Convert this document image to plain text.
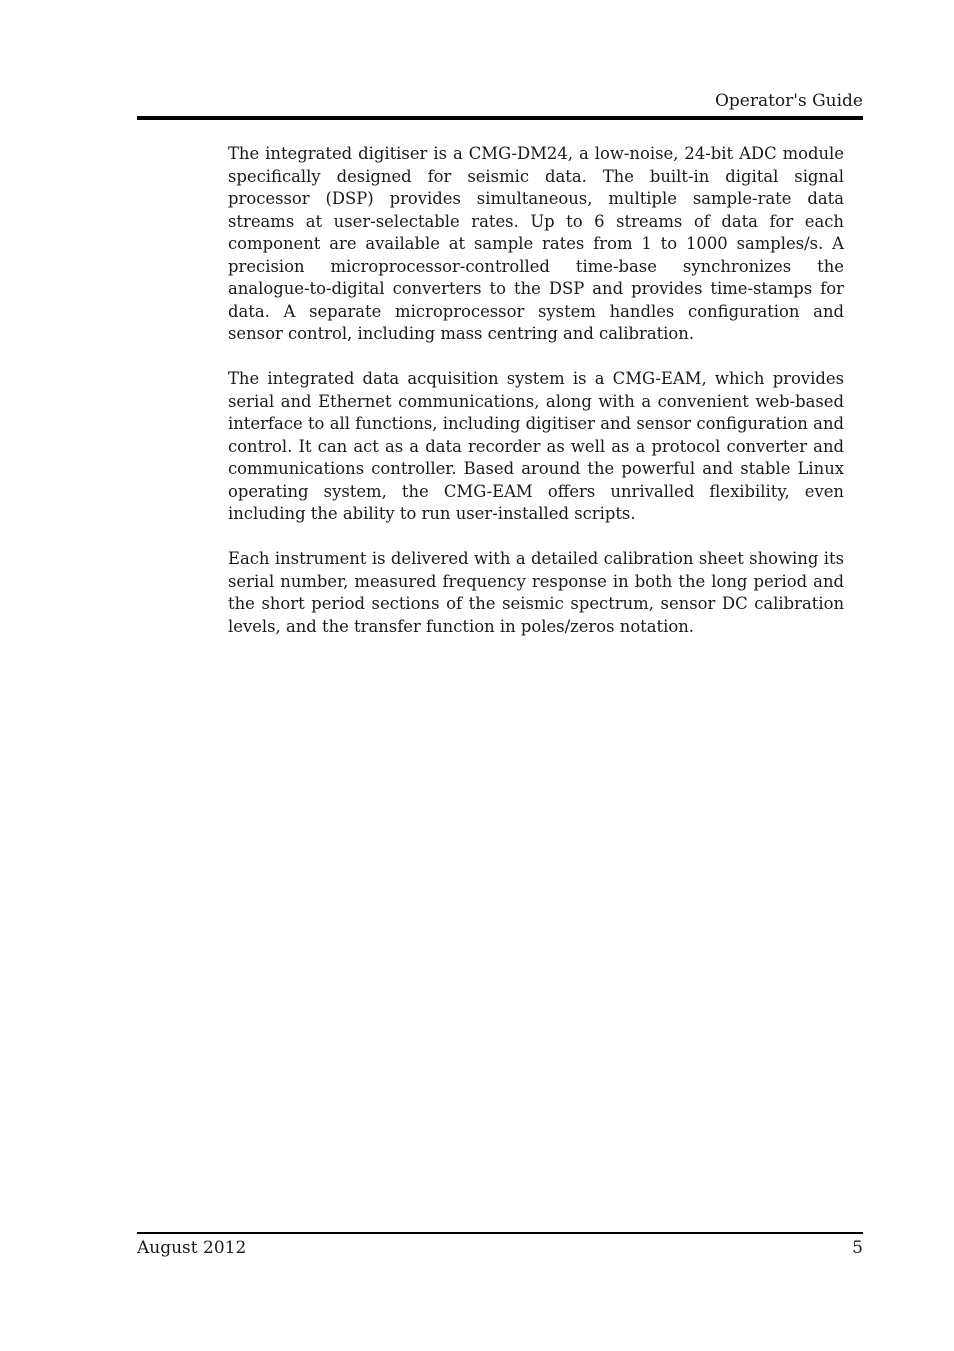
Operator's Guide

The integrated digitiser is a CMG-DM24, a low-noise, 24-bit ADC module specifically designed for seismic data. The built-in digital signal processor (DSP) provides simultaneous, multiple sample-rate data streams at user-selectable rates. Up to 6 streams of data for each component are available at sample rates from 1 to 1000 samples/s. A precision microprocessor-controlled time-base synchronizes the analogue-to-digital converters to the DSP and provides time-stamps for data. A separate microprocessor system handles configuration and sensor control, including mass centring and calibration.

The integrated data acquisition system is a CMG-EAM, which provides serial and Ethernet communications, along with a convenient web-based interface to all functions, including digitiser and sensor configuration and control. It can act as a data recorder as well as a protocol converter and communications controller. Based around the powerful and stable Linux operating system, the CMG-EAM offers unrivalled flexibility, even including the ability to run user-installed scripts.

Each instrument is delivered with a detailed calibration sheet showing its serial number, measured frequency response in both the long period and the short period sections of the seismic spectrum, sensor DC calibration levels, and the transfer function in poles/zeros notation.

August 2012	5
